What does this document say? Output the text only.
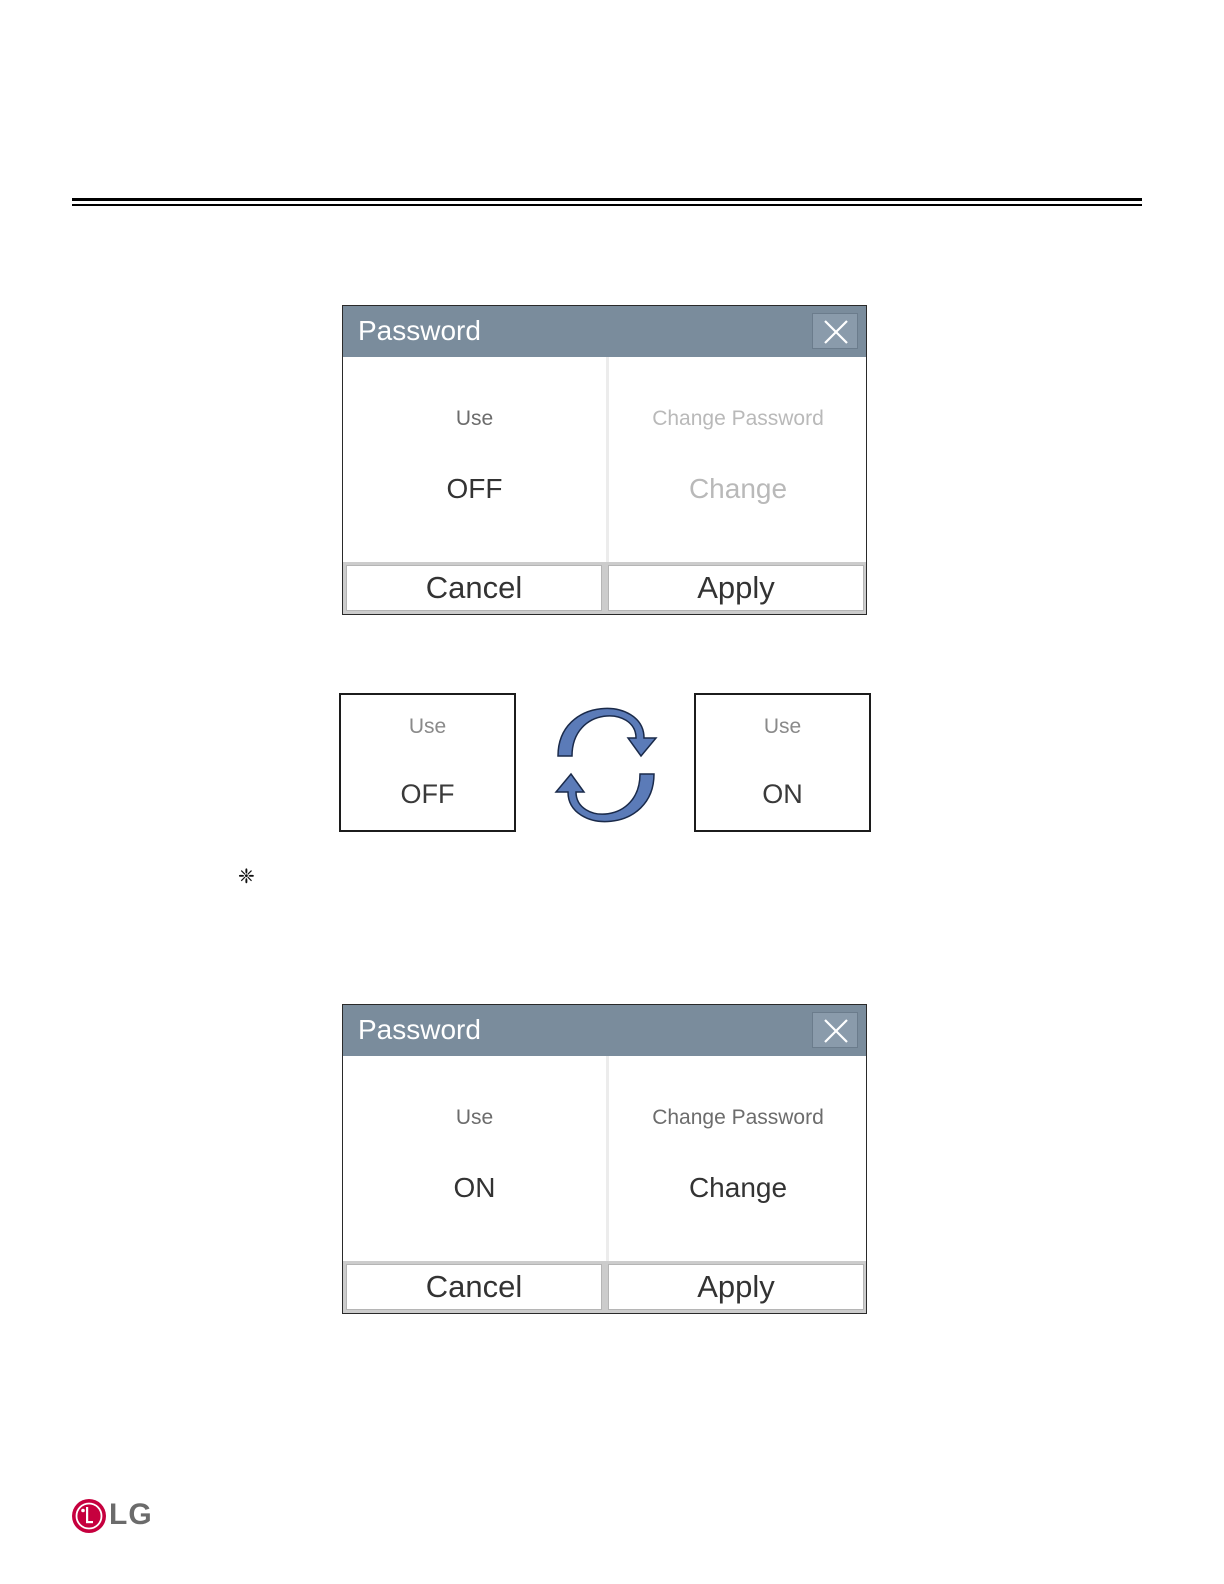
Password
Use
OFF
Change Password
Change
Cancel	Apply
Use
OFF
Use
ON
❈
Password
Use
ON
Change Password
Change
Cancel	Apply
LG
